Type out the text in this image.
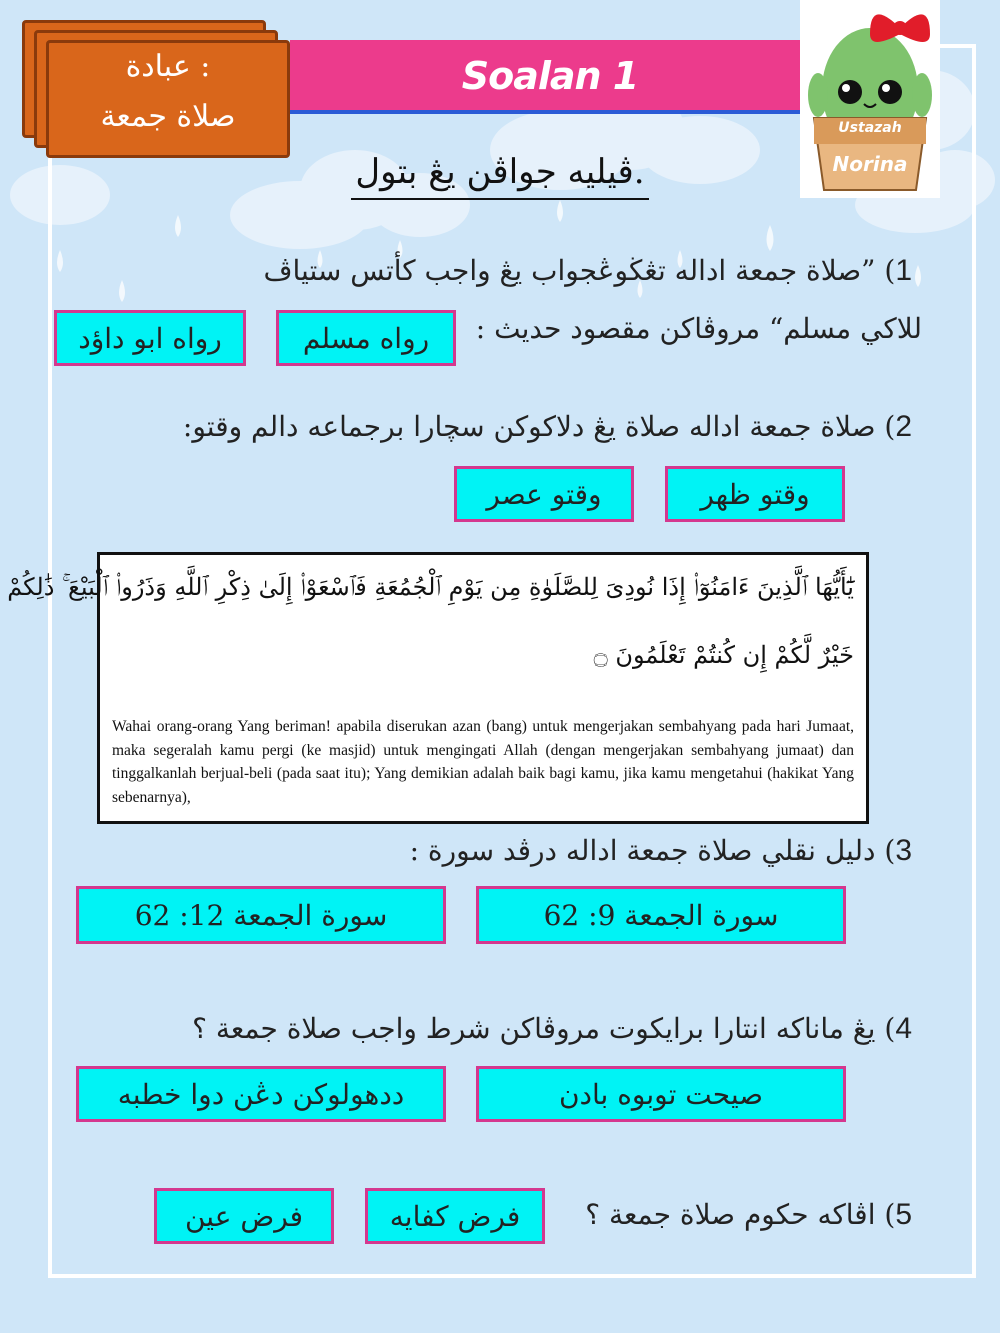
عبادة :
صلاة جمعة
Soalan 1
Ustazah
Norina
ڤيليه جواڤن يڠ بتول.
1) ”صلاة جمعة اداله تڠڬوڠجواب يڠ واجب كأتس ستياڤ
للاكي مسلم“ مروڤاكن مقصود حديث :
رواه مسلم
رواه ابو داؤد
2) صلاة جمعة اداله صلاة يڠ دلاكوكن سچارا برجماعه دالم وقتو:
وقتو ظهر
وقتو عصر
يَٰٓأَيُّهَا ٱلَّذِينَ ءَامَنُوٓا۟ إِذَا نُودِىَ لِلصَّلَوٰةِ مِن يَوْمِ ٱلْجُمُعَةِ فَٱسْعَوْا۟ إِلَىٰ ذِكْرِ ٱللَّهِ وَذَرُوا۟ ٱلْبَيْعَ ۚ ذَٰلِكُمْ
خَيْرٌ لَّكُمْ إِن كُنتُمْ تَعْلَمُونَ ۝
Wahai orang-orang Yang beriman! apabila diserukan azan (bang) untuk mengerjakan sembahyang pada hari Jumaat, maka segeralah kamu pergi (ke masjid) untuk mengingati Allah (dengan mengerjakan sembahyang jumaat) dan tinggalkanlah berjual-beli (pada saat itu); Yang demikian adalah baik bagi kamu, jika kamu mengetahui (hakikat Yang sebenarnya),
3) دليل نقلي صلاة جمعة اداله درڤد سورة :
سورة الجمعة 9: 62
سورة الجمعة 12: 62
4) يڠ ماناكه انتارا برايكوت مروڤاكن شرط واجب صلاة جمعة ؟
صيحت توبوه بادن
ددهولوكن دڠن دوا خطبه
5) اڤاكه حكوم صلاة جمعة ؟
فرض كفايه
فرض عين
